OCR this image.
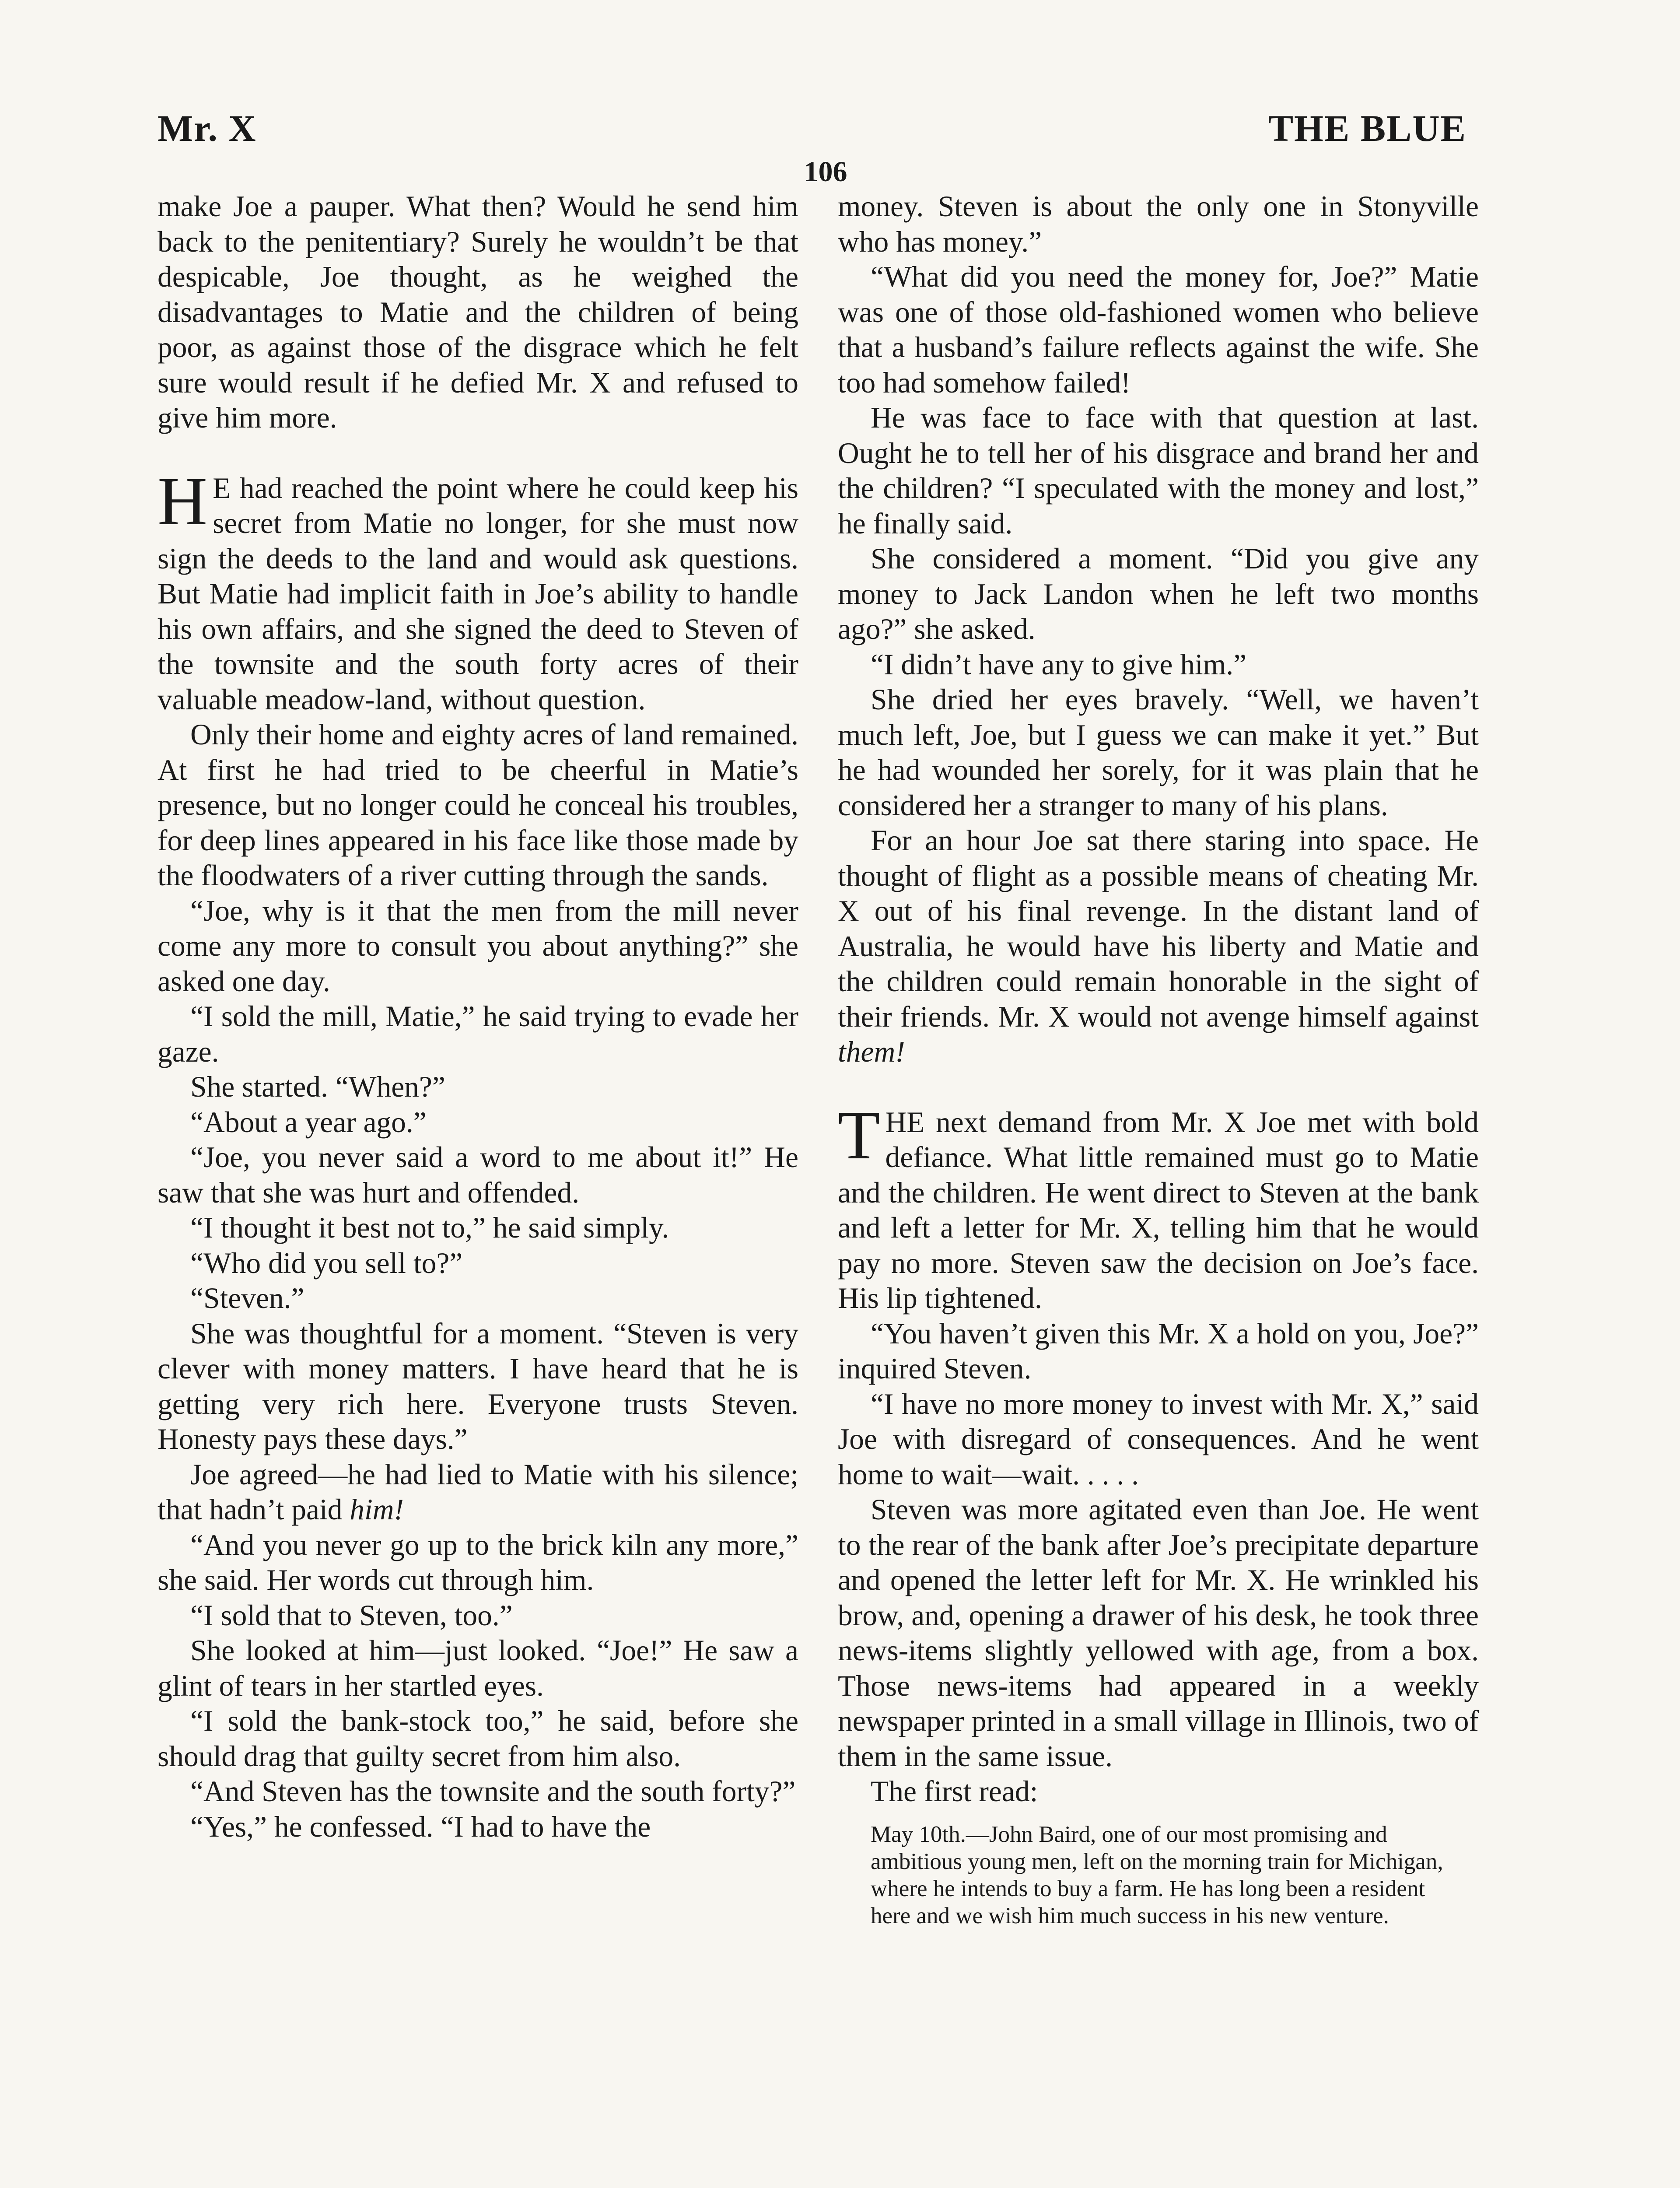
Mr. X	THE BLUE
106

make Joe a pauper. What then? Would he send him back to the penitentiary? Surely he wouldn’t be that despicable, Joe thought, as he weighed the disadvantages to Matie and the children of being poor, as against those of the disgrace which he felt sure would result if he defied Mr. X and refused to give him more.

H E had reached the point where he could keep his secret from Matie no longer, for she must now sign the deeds to the land and would ask questions. But Matie had implicit faith in Joe’s ability to handle his own affairs, and she signed the deed to Steven of the townsite and the south forty acres of their valuable meadow-land, without question.

Only their home and eighty acres of land remained. At first he had tried to be cheerful in Matie’s presence, but no longer could he conceal his troubles, for deep lines appeared in his face like those made by the floodwaters of a river cutting through the sands.

“Joe, why is it that the men from the mill never come any more to consult you about anything?” she asked one day.

“I sold the mill, Matie,” he said trying to evade her gaze.

She started. “When?”

“About a year ago.”

“Joe, you never said a word to me about it!” He saw that she was hurt and offended.

“I thought it best not to,” he said simply.

“Who did you sell to?”

“Steven.”

She was thoughtful for a moment. “Steven is very clever with money matters. I have heard that he is getting very rich here. Everyone trusts Steven. Honesty pays these days.”

Joe agreed—he had lied to Matie with his silence; that hadn’t paid him!

“And you never go up to the brick kiln any more,” she said. Her words cut through him.

“I sold that to Steven, too.”

She looked at him—just looked. “Joe!” He saw a glint of tears in her startled eyes.

“I sold the bank-stock too,” he said, before she should drag that guilty secret from him also.

“And Steven has the townsite and the south forty?”

“Yes,” he confessed. “I had to have the

money. Steven is about the only one in Stonyville who has money.”

“What did you need the money for, Joe?” Matie was one of those old-fashioned women who believe that a husband’s failure reflects against the wife. She too had somehow failed!

He was face to face with that question at last. Ought he to tell her of his disgrace and brand her and the children? “I speculated with the money and lost,” he finally said.

She considered a moment. “Did you give any money to Jack Landon when he left two months ago?” she asked.

“I didn’t have any to give him.”

She dried her eyes bravely. “Well, we haven’t much left, Joe, but I guess we can make it yet.” But he had wounded her sorely, for it was plain that he considered her a stranger to many of his plans.

For an hour Joe sat there staring into space. He thought of flight as a possible means of cheating Mr. X out of his final revenge. In the distant land of Australia, he would have his liberty and Matie and the children could remain honorable in the sight of their friends. Mr. X would not avenge himself against them!

THE next demand from Mr. X Joe met with bold defiance. What little remained must go to Matie and the children. He went direct to Steven at the bank and left a letter for Mr. X, telling him that he would pay no more. Steven saw the decision on Joe’s face. His lip tightened.

“You haven’t given this Mr. X a hold on you, Joe?” inquired Steven.

“I have no more money to invest with Mr. X,” said Joe with disregard of consequences. And he went home to wait—wait. . . . .

Steven was more agitated even than Joe. He went to the rear of the bank after Joe’s precipitate departure and opened the letter left for Mr. X. He wrinkled his brow, and, opening a drawer of his desk, he took three news-items slightly yellowed with age, from a box. Those news-items had appeared in a weekly newspaper printed in a small village in Illinois, two of them in the same issue.

The first read:

May 10th.—John Baird, one of our most promising and ambitious young men, left on the morning train for Michigan, where he intends to buy a farm. He has long been a resident here and we wish him much success in his new venture.
